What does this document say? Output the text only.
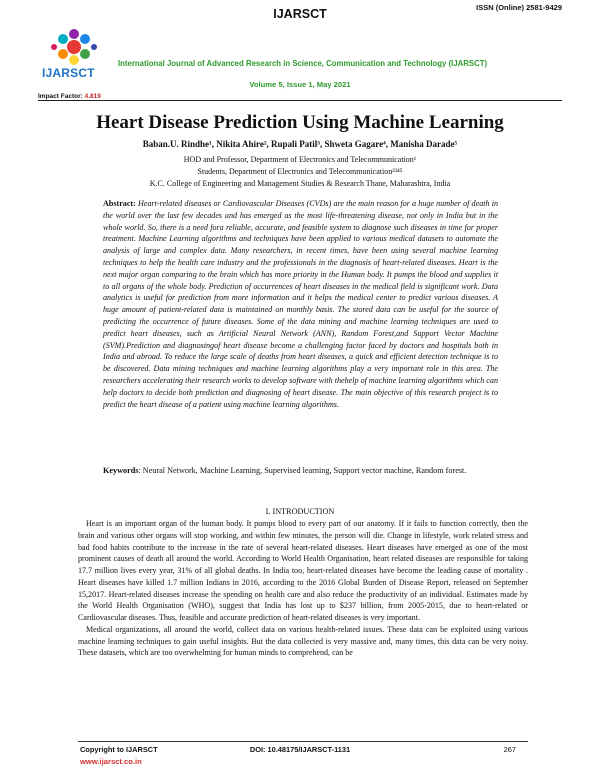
IJARSCT	ISSN (Online) 2581-9429
IJARSCT
International Journal of Advanced Research in Science, Communication and Technology (IJARSCT)
Volume 5, Issue 1, May 2021
Impact Factor: 4.819
Heart Disease Prediction Using Machine Learning
Baban.U. Rindhe¹, Nikita Ahire², Rupali Patil³, Shweta Gagare⁴, Manisha Darade⁵
HOD and Professor, Department of Electronics and Telecommunication¹
Students, Department of Electronics and Telecommunication²³⁴⁵
K.C. College of Engineering and Management Studies & Research Thane, Maharashtra, India
Abstract: Heart-related diseases or Cardiovascular Diseases (CVDs) are the main reason for a huge number of death in the world over the last few decades and has emerged as the most life-threatening disease, not only in India but in the whole world. So, there is a need fora reliable, accurate, and feasible system to diagnose such diseases in time for proper treatment. Machine Learning algorithms and techniques have been applied to various medical datasets to automate the analysis of large and complex data. Many researchers, in recent times, have been using several machine learning techniques to help the health care industry and the professionals in the diagnosis of heart-related diseases. Heart is the next major organ comparing to the brain which has more priority in the Human body. It pumps the blood and supplies it to all organs of the whole body. Prediction of occurrences of heart diseases in the medical field is significant work. Data analytics is useful for prediction from more information and it helps the medical center to predict various diseases. A huge amount of patient-related data is maintained on monthly basis. The stored data can be useful for the source of predicting the occurrence of future diseases. Some of the data mining and machine learning techniques are used to predict heart diseases, such as Artificial Neural Network (ANN), Random Forest,and Support Vector Machine (SVM).Prediction and diagnosingof heart disease become a challenging factor faced by doctors and hospitals both in India and abroad. To reduce the large scale of deaths from heart diseases, a quick and efficient detection technique is to be discovered. Data mining techniques and machine learning algorithms play a very important role in this area. The researchers accelerating their research works to develop software with thehelp of machine learning algorithms which can help doctors to decide both prediction and diagnosing of heart disease. The main objective of this research project is to predict the heart disease of a patient using machine learning algorithms.
Keywords: Neural Network, Machine Learning, Supervised learning, Support vector machine, Random forest.
I. INTRODUCTION

Heart is an important organ of the human body. It pumps blood to every part of our anatomy. If it fails to function correctly, then the brain and various other organs will stop working, and within few minutes, the person will die. Change in lifestyle, work related stress and bad food habits contribute to the increase in the rate of several heart-related diseases. Heart diseases have emerged as one of the most prominent causes of death all around the world. According to World Health Organisation, heart related diseases are responsible for taking 17.7 million lives every year, 31% of all global deaths. In India too, heart-related diseases have become the leading cause of mortality . Heart diseases have killed 1.7 million Indians in 2016, according to the 2016 Global Burden of Disease Report, released on September 15,2017. Heart-related diseases increase the spending on health care and also reduce the productivity of an individual. Estimates made by the World Health Organisation (WHO), suggest that India has lost up to $237 billion, from 2005-2015, due to heart-related or Cardiovascular diseases. Thus, feasible and accurate prediction of heart-related diseases is very important.

Medical organizations, all around the world, collect data on various health-related issues. These data can be exploited using various machine learning techniques to gain useful insights. But the data collected is very massive and, many times, this data can be very noisy. These datasets, which are too overwhelming for human minds to comprehend, can be

Copyright to IJARSCT	DOI: 10.48175/IJARSCT-1131	267
www.ijarsct.co.in
